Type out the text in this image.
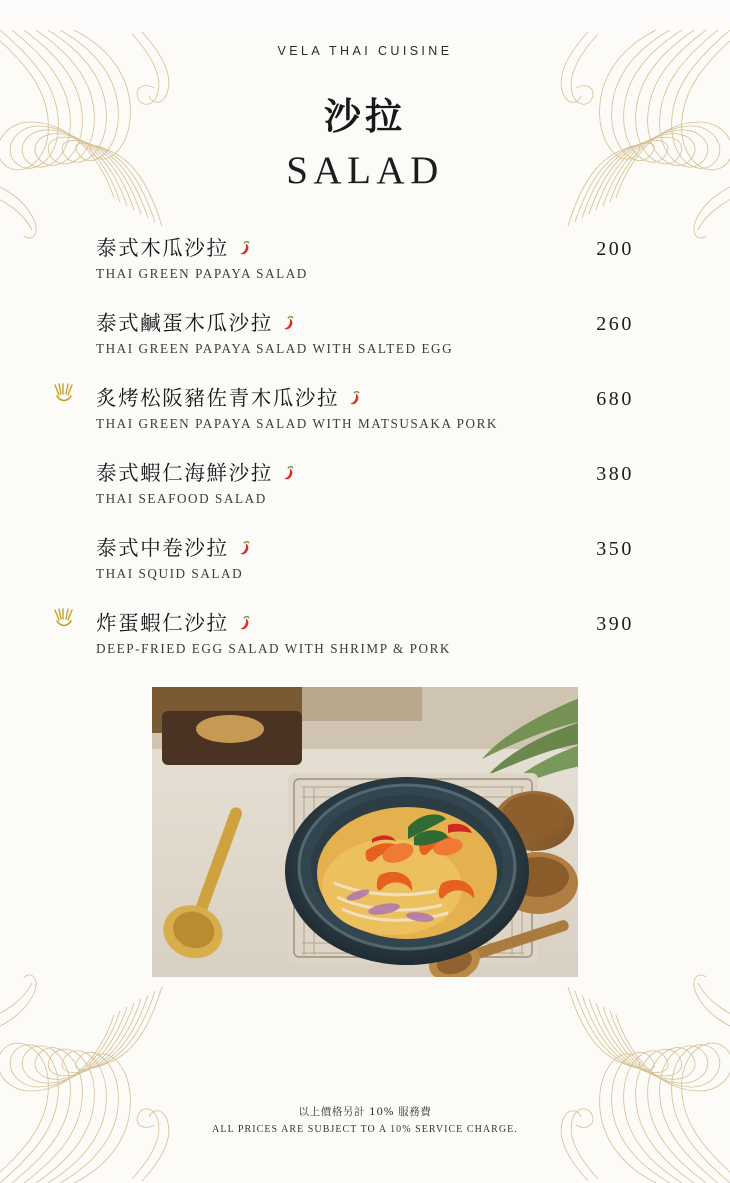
VELA THAI CUISINE
沙拉
SALAD
泰式木瓜沙拉	200
THAI GREEN PAPAYA SALAD
泰式鹹蛋木瓜沙拉	260
THAI GREEN PAPAYA SALAD WITH SALTED EGG
炙烤松阪豬佐青木瓜沙拉	680
THAI GREEN PAPAYA SALAD WITH MATSUSAKA PORK
泰式蝦仁海鮮沙拉	380
THAI SEAFOOD SALAD
泰式中卷沙拉	350
THAI SQUID SALAD
炸蛋蝦仁沙拉	390
DEEP-FRIED EGG SALAD WITH SHRIMP & PORK
以上價格另計 10% 服務費
ALL PRICES ARE SUBJECT TO A 10% SERVICE CHARGE.
